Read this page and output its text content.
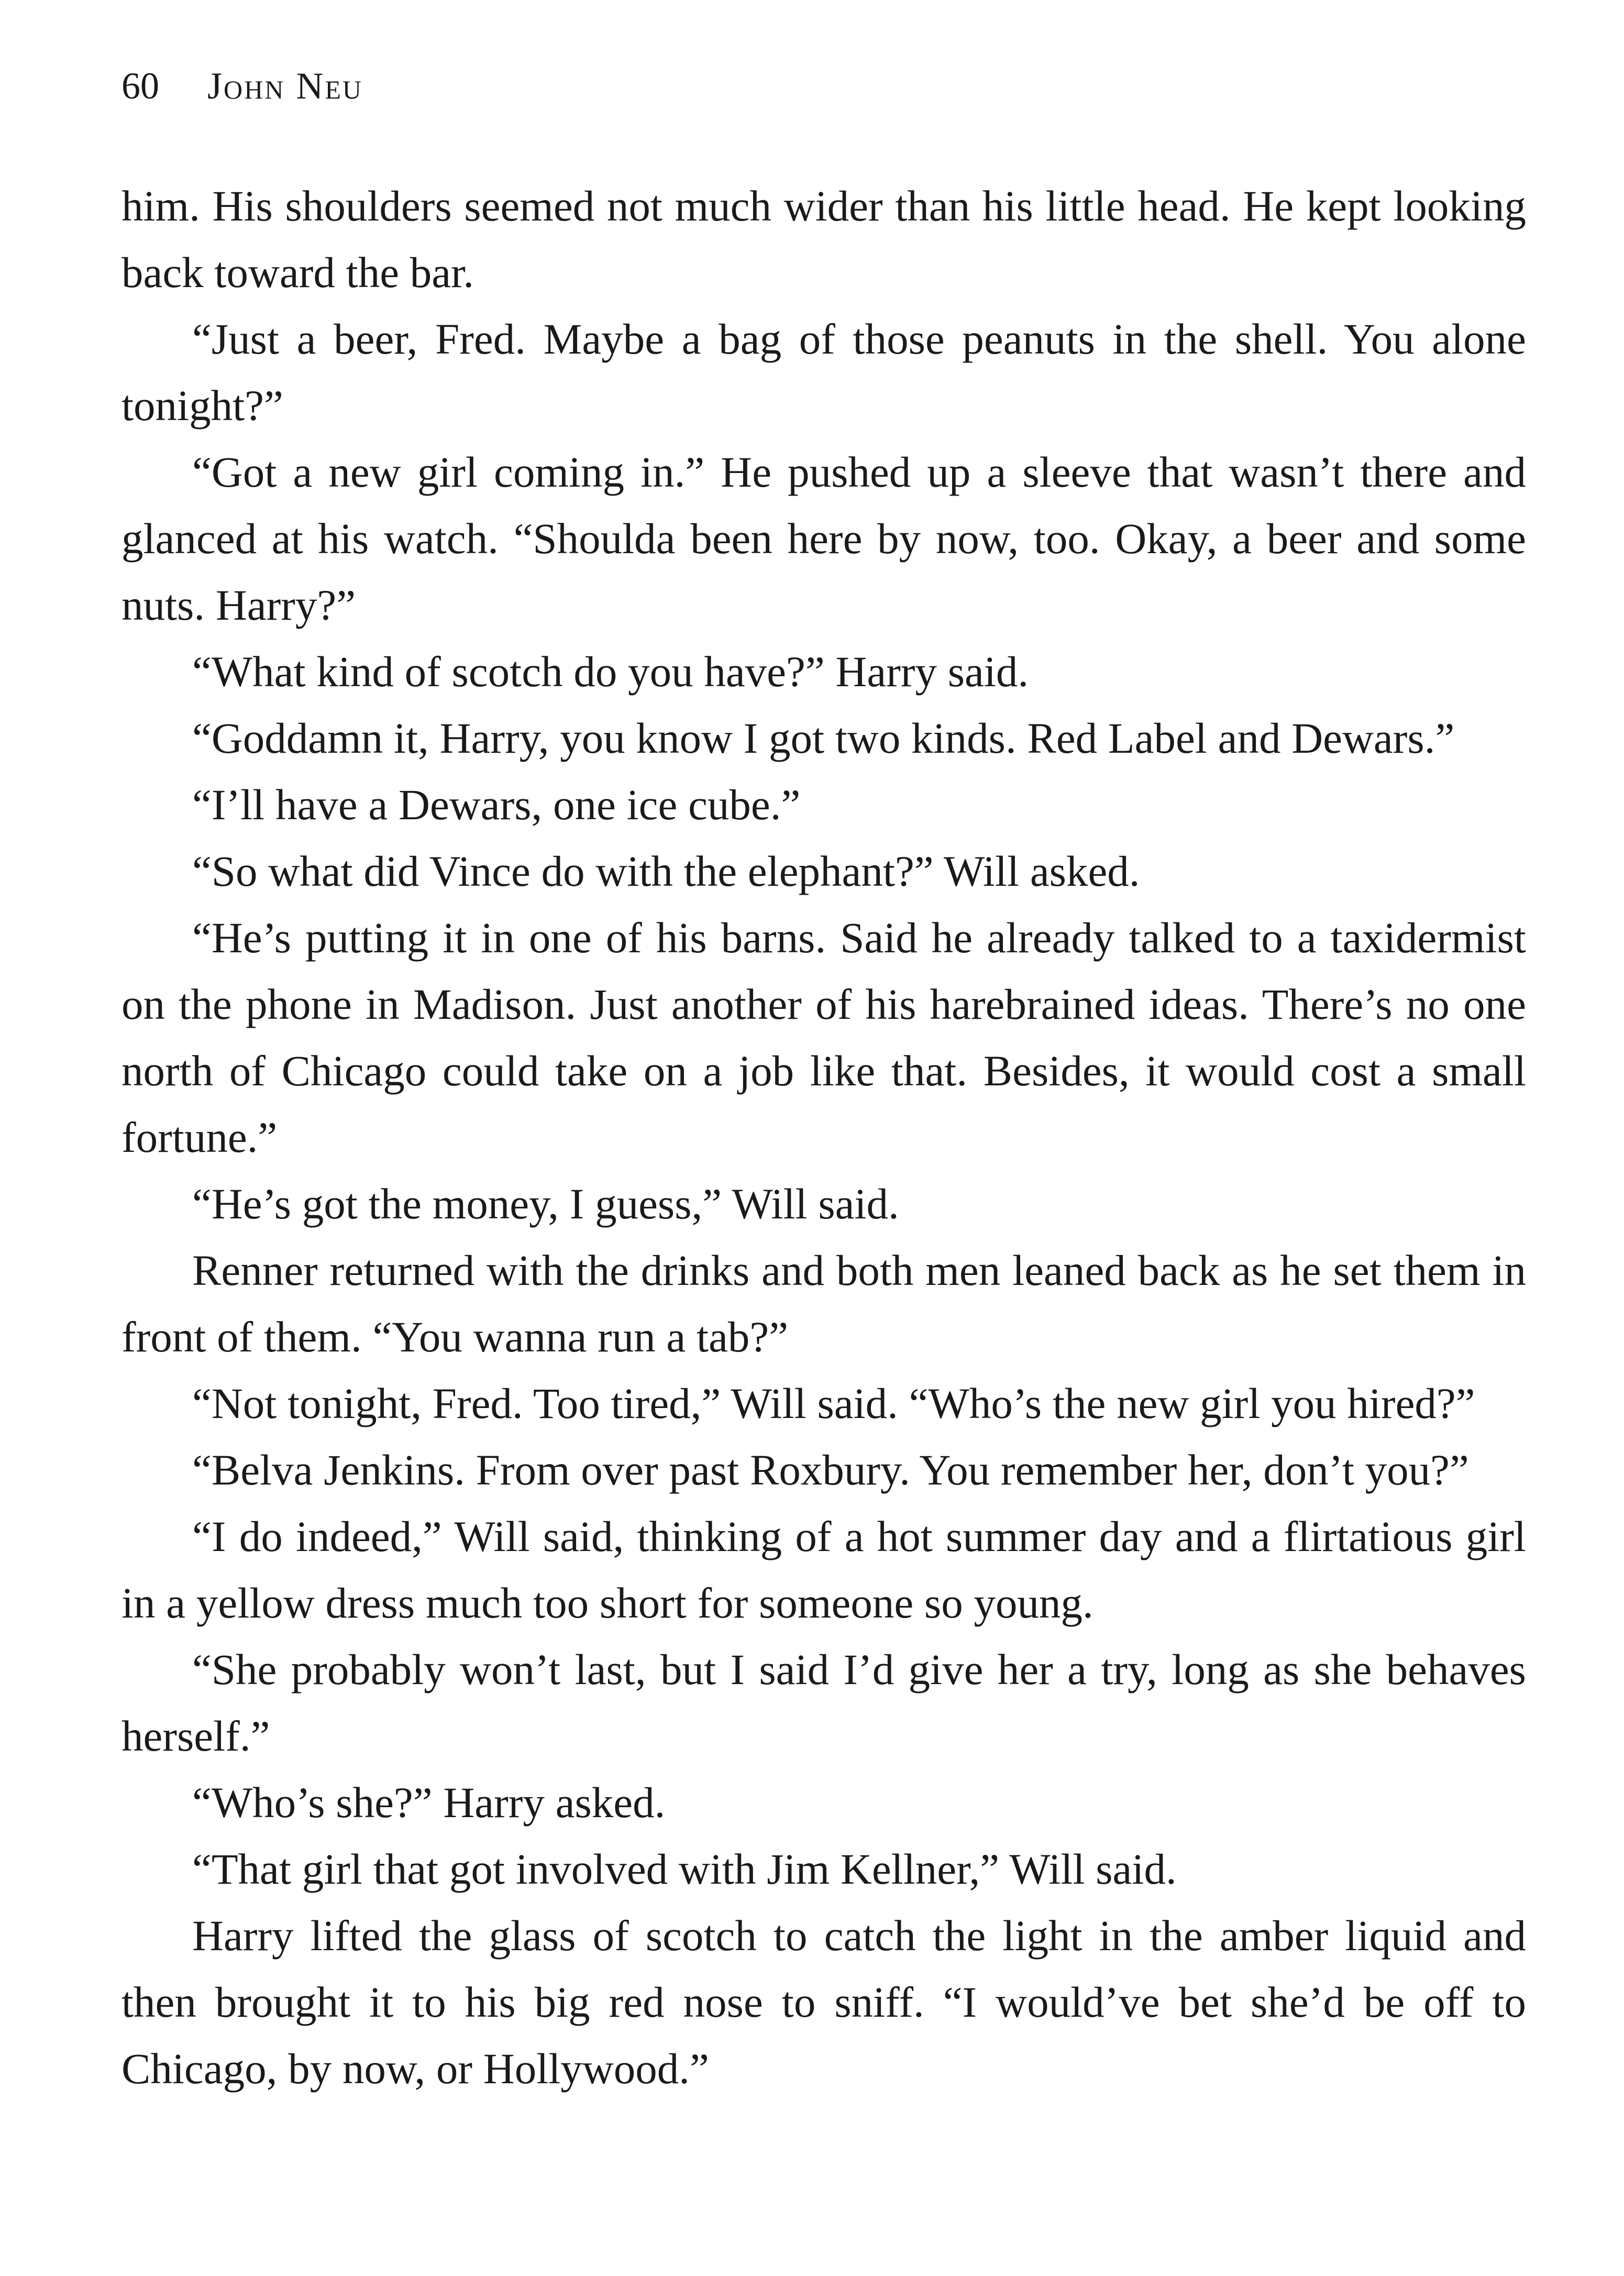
60 John Neu

him. His shoulders seemed not much wider than his little head. He kept looking back toward the bar.

“Just a beer, Fred. Maybe a bag of those peanuts in the shell. You alone tonight?”

“Got a new girl coming in.” He pushed up a sleeve that wasn’t there and glanced at his watch. “Shoulda been here by now, too. Okay, a beer and some nuts. Harry?”

“What kind of scotch do you have?” Harry said.

“Goddamn it, Harry, you know I got two kinds. Red Label and Dewars.”

“I’ll have a Dewars, one ice cube.”

“So what did Vince do with the elephant?” Will asked.

“He’s putting it in one of his barns. Said he already talked to a taxidermist on the phone in Madison. Just another of his harebrained ideas. There’s no one north of Chicago could take on a job like that. Besides, it would cost a small fortune.”

“He’s got the money, I guess,” Will said.

Renner returned with the drinks and both men leaned back as he set them in front of them. “You wanna run a tab?”

“Not tonight, Fred. Too tired,” Will said. “Who’s the new girl you hired?”

“Belva Jenkins. From over past Roxbury. You remember her, don’t you?”

“I do indeed,” Will said, thinking of a hot summer day and a flirtatious girl in a yellow dress much too short for someone so young.

“She probably won’t last, but I said I’d give her a try, long as she behaves herself.”

“Who’s she?” Harry asked.

“That girl that got involved with Jim Kellner,” Will said.

Harry lifted the glass of scotch to catch the light in the amber liquid and then brought it to his big red nose to sniff. “I would’ve bet she’d be off to Chicago, by now, or Hollywood.”
